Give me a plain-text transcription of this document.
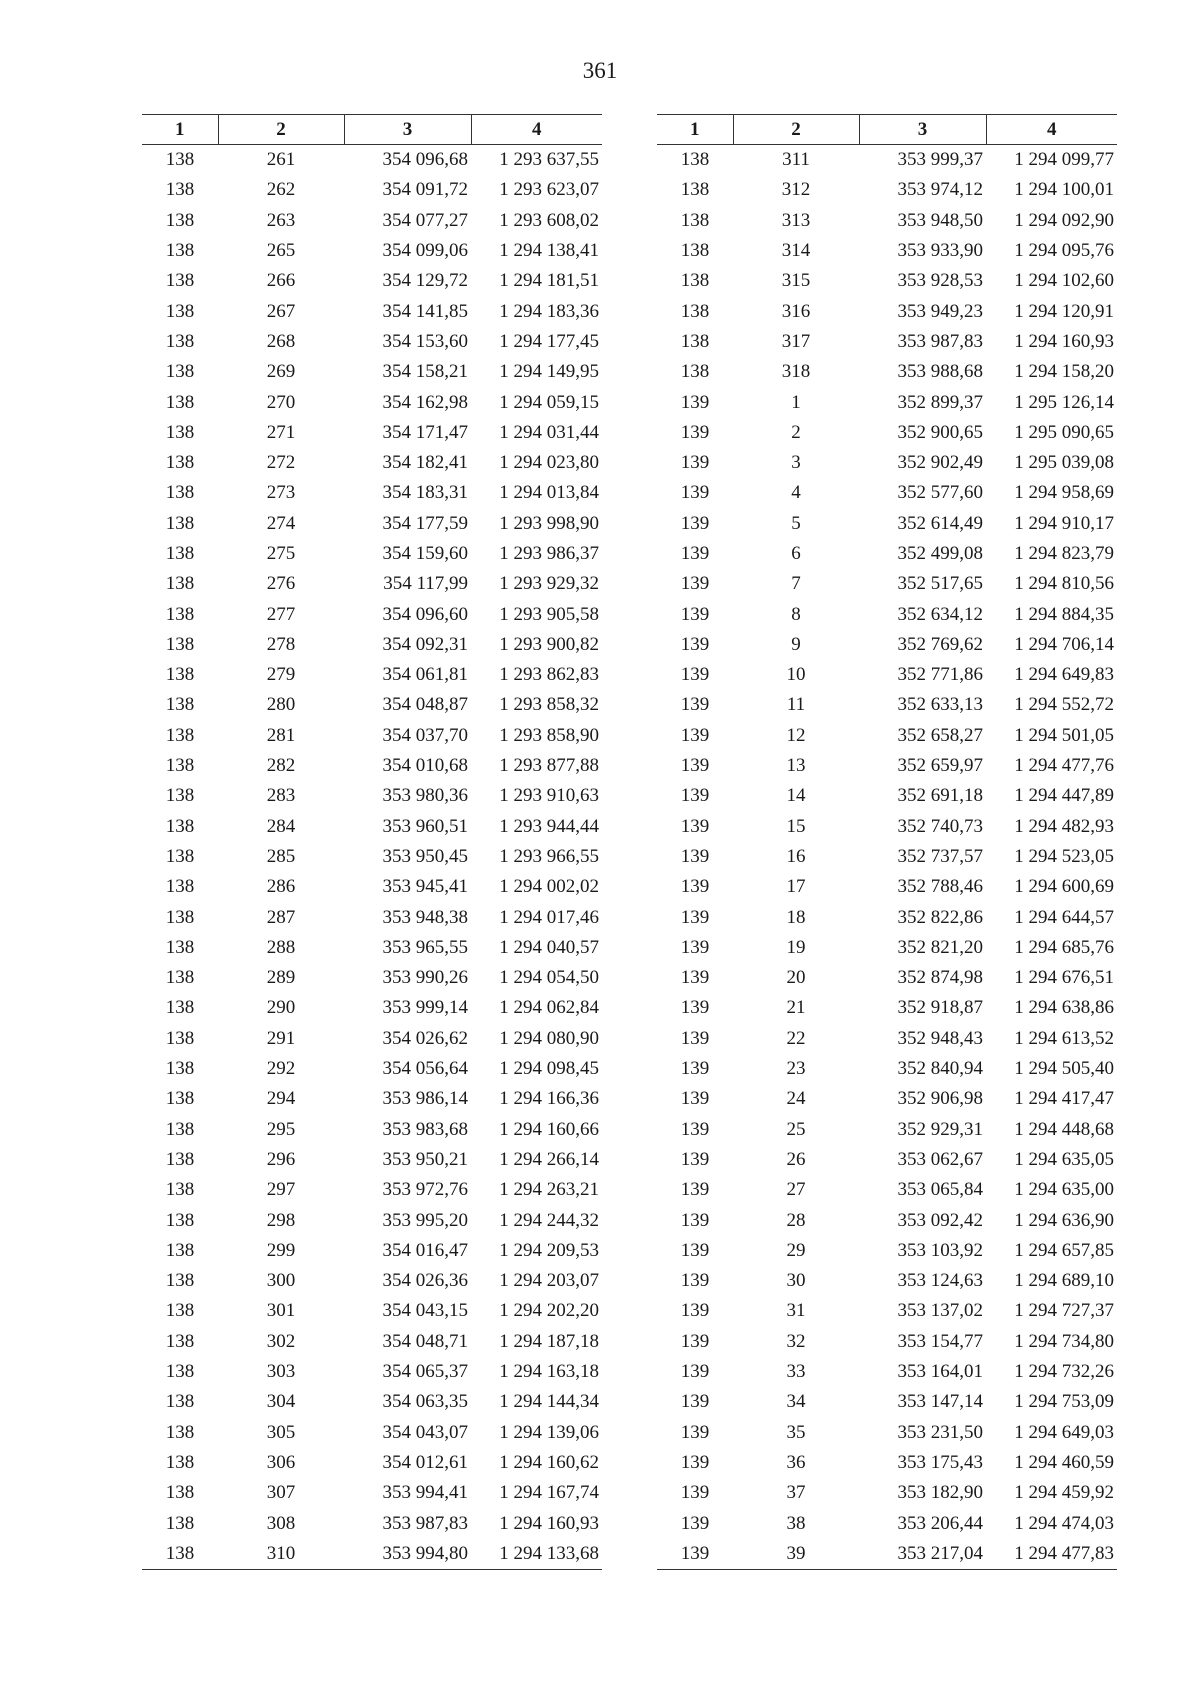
361
1	2	3	4
138	261	354 096,68	1 293 637,55
138	262	354 091,72	1 293 623,07
138	263	354 077,27	1 293 608,02
138	265	354 099,06	1 294 138,41
138	266	354 129,72	1 294 181,51
138	267	354 141,85	1 294 183,36
138	268	354 153,60	1 294 177,45
138	269	354 158,21	1 294 149,95
138	270	354 162,98	1 294 059,15
138	271	354 171,47	1 294 031,44
138	272	354 182,41	1 294 023,80
138	273	354 183,31	1 294 013,84
138	274	354 177,59	1 293 998,90
138	275	354 159,60	1 293 986,37
138	276	354 117,99	1 293 929,32
138	277	354 096,60	1 293 905,58
138	278	354 092,31	1 293 900,82
138	279	354 061,81	1 293 862,83
138	280	354 048,87	1 293 858,32
138	281	354 037,70	1 293 858,90
138	282	354 010,68	1 293 877,88
138	283	353 980,36	1 293 910,63
138	284	353 960,51	1 293 944,44
138	285	353 950,45	1 293 966,55
138	286	353 945,41	1 294 002,02
138	287	353 948,38	1 294 017,46
138	288	353 965,55	1 294 040,57
138	289	353 990,26	1 294 054,50
138	290	353 999,14	1 294 062,84
138	291	354 026,62	1 294 080,90
138	292	354 056,64	1 294 098,45
138	294	353 986,14	1 294 166,36
138	295	353 983,68	1 294 160,66
138	296	353 950,21	1 294 266,14
138	297	353 972,76	1 294 263,21
138	298	353 995,20	1 294 244,32
138	299	354 016,47	1 294 209,53
138	300	354 026,36	1 294 203,07
138	301	354 043,15	1 294 202,20
138	302	354 048,71	1 294 187,18
138	303	354 065,37	1 294 163,18
138	304	354 063,35	1 294 144,34
138	305	354 043,07	1 294 139,06
138	306	354 012,61	1 294 160,62
138	307	353 994,41	1 294 167,74
138	308	353 987,83	1 294 160,93
138	310	353 994,80	1 294 133,68
1	2	3	4
138	311	353 999,37	1 294 099,77
138	312	353 974,12	1 294 100,01
138	313	353 948,50	1 294 092,90
138	314	353 933,90	1 294 095,76
138	315	353 928,53	1 294 102,60
138	316	353 949,23	1 294 120,91
138	317	353 987,83	1 294 160,93
138	318	353 988,68	1 294 158,20
139	1	352 899,37	1 295 126,14
139	2	352 900,65	1 295 090,65
139	3	352 902,49	1 295 039,08
139	4	352 577,60	1 294 958,69
139	5	352 614,49	1 294 910,17
139	6	352 499,08	1 294 823,79
139	7	352 517,65	1 294 810,56
139	8	352 634,12	1 294 884,35
139	9	352 769,62	1 294 706,14
139	10	352 771,86	1 294 649,83
139	11	352 633,13	1 294 552,72
139	12	352 658,27	1 294 501,05
139	13	352 659,97	1 294 477,76
139	14	352 691,18	1 294 447,89
139	15	352 740,73	1 294 482,93
139	16	352 737,57	1 294 523,05
139	17	352 788,46	1 294 600,69
139	18	352 822,86	1 294 644,57
139	19	352 821,20	1 294 685,76
139	20	352 874,98	1 294 676,51
139	21	352 918,87	1 294 638,86
139	22	352 948,43	1 294 613,52
139	23	352 840,94	1 294 505,40
139	24	352 906,98	1 294 417,47
139	25	352 929,31	1 294 448,68
139	26	353 062,67	1 294 635,05
139	27	353 065,84	1 294 635,00
139	28	353 092,42	1 294 636,90
139	29	353 103,92	1 294 657,85
139	30	353 124,63	1 294 689,10
139	31	353 137,02	1 294 727,37
139	32	353 154,77	1 294 734,80
139	33	353 164,01	1 294 732,26
139	34	353 147,14	1 294 753,09
139	35	353 231,50	1 294 649,03
139	36	353 175,43	1 294 460,59
139	37	353 182,90	1 294 459,92
139	38	353 206,44	1 294 474,03
139	39	353 217,04	1 294 477,83
